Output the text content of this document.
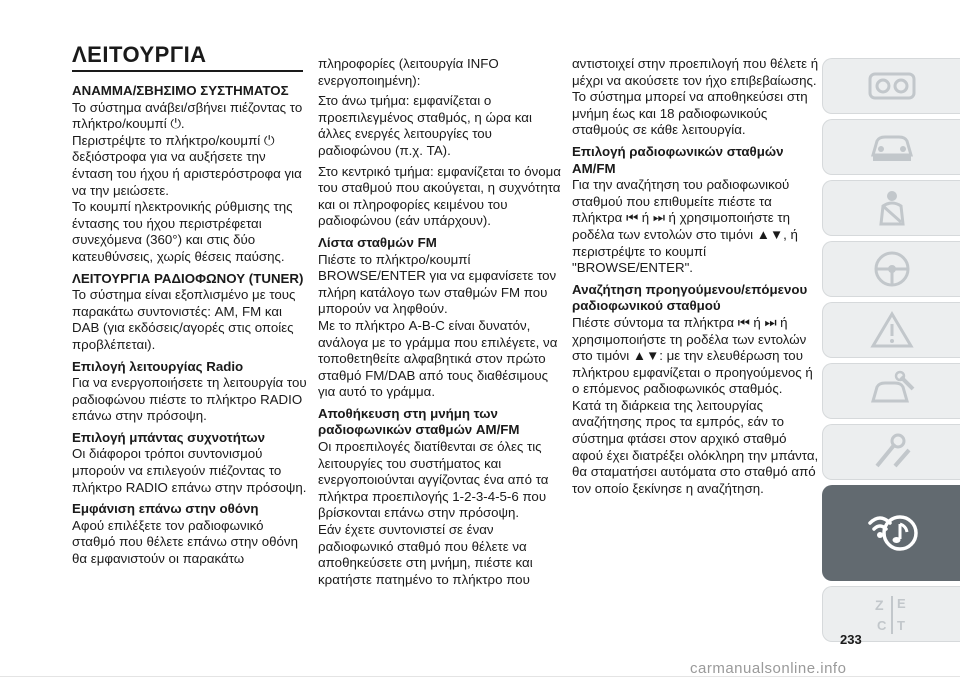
ΛΕΙΤΟΥΡΓΙΑ

ΑΝΑΜΜΑ/ΣΒΗΣΙΜΟ ΣΥΣΤΗΜΑΤΟΣ

Το σύστημα ανάβει/σβήνει πιέζοντας το πλήκτρο/κουμπί ⏻.

Περιστρέψτε το πλήκτρο/κουμπί ⏻ δεξιόστροφα για να αυξήσετε την ένταση του ήχου ή αριστερόστροφα για να την μειώσετε.

Το κουμπί ηλεκτρονικής ρύθμισης της έντασης του ήχου περιστρέφεται συνεχόμενα (360°) και στις δύο κατευθύνσεις, χωρίς θέσεις παύσης.

ΛΕΙΤΟΥΡΓΙΑ ΡΑΔΙΟΦΩΝΟΥ (TUNER)

Το σύστημα είναι εξοπλισμένο με τους παρακάτω συντονιστές: AM, FM και DAB (για εκδόσεις/αγορές στις οποίες προβλέπεται).

Επιλογή λειτουργίας Radio

Για να ενεργοποιήσετε τη λειτουργία του ραδιοφώνου πιέστε το πλήκτρο RADIO επάνω στην πρόσοψη.

Επιλογή μπάντας συχνοτήτων

Οι διάφοροι τρόποι συντονισμού μπορούν να επιλεγούν πιέζοντας το πλήκτρο RADIO επάνω στην πρόσοψη.

Εμφάνιση επάνω στην οθόνη

Αφού επιλέξετε τον ραδιοφωνικό σταθμό που θέλετε επάνω στην οθόνη θα εμφανιστούν οι παρακάτω

πληροφορίες (λειτουργία INFO ενεργοποιημένη):

Στο άνω τμήμα: εμφανίζεται ο προεπιλεγμένος σταθμός, η ώρα και άλλες ενεργές λειτουργίες του ραδιοφώνου (π.χ. TA).

Στο κεντρικό τμήμα: εμφανίζεται το όνομα του σταθμού που ακούγεται, η συχνότητα και οι πληροφορίες κειμένου του ραδιοφώνου (εάν υπάρχουν).

Λίστα σταθμών FM

Πιέστε το πλήκτρο/κουμπί BROWSE/ENTER για να εμφανίσετε τον πλήρη κατάλογο των σταθμών FM που μπορούν να ληφθούν.

Με το πλήκτρο A-B-C είναι δυνατόν, ανάλογα με το γράμμα που επιλέγετε, να τοποθετηθείτε αλφαβητικά στον πρώτο σταθμό FM/DAB από τους διαθέσιμους για αυτό το γράμμα.

Αποθήκευση στη μνήμη των ραδιοφωνικών σταθμών AM/FM

Οι προεπιλογές διατίθενται σε όλες τις λειτουργίες του συστήματος και ενεργοποιούνται αγγίζοντας ένα από τα πλήκτρα προεπιλογής 1-2-3-4-5-6 που βρίσκονται επάνω στην πρόσοψη.

Εάν έχετε συντονιστεί σε έναν ραδιοφωνικό σταθμό που θέλετε να αποθηκεύσετε στη μνήμη, πιέστε και κρατήστε πατημένο το πλήκτρο που

αντιστοιχεί στην προεπιλογή που θέλετε ή μέχρι να ακούσετε τον ήχο επιβεβαίωσης.

Το σύστημα μπορεί να αποθηκεύσει στη μνήμη έως και 18 ραδιοφωνικούς σταθμούς σε κάθε λειτουργία.

Επιλογή ραδιοφωνικών σταθμών AM/FM

Για την αναζήτηση του ραδιοφωνικού σταθμού που επιθυμείτε πιέστε τα πλήκτρα ⏮ ή ⏭ ή χρησιμοποιήστε τη ροδέλα των εντολών στο τιμόνι ▲▼, ή περιστρέψτε το κουμπί "BROWSE/ENTER".

Αναζήτηση προηγούμενου/επόμενου ραδιοφωνικού σταθμού

Πιέστε σύντομα τα πλήκτρα ⏮ ή ⏭ ή χρησιμοποιήστε τη ροδέλα των εντολών στο τιμόνι ▲▼: με την ελευθέρωση του πλήκτρου εμφανίζεται ο προηγούμενος ή ο επόμενος ραδιοφωνικός σταθμός.

Κατά τη διάρκεια της λειτουργίας αναζήτησης προς τα εμπρός, εάν το σύστημα φτάσει στον αρχικό σταθμό αφού έχει διατρέξει ολόκληρη την μπάντα, θα σταματήσει αυτόματα στο σταθμό από τον οποίο ξεκίνησε η αναζήτηση.

Z E
C T
233
carmanualsonline.info
